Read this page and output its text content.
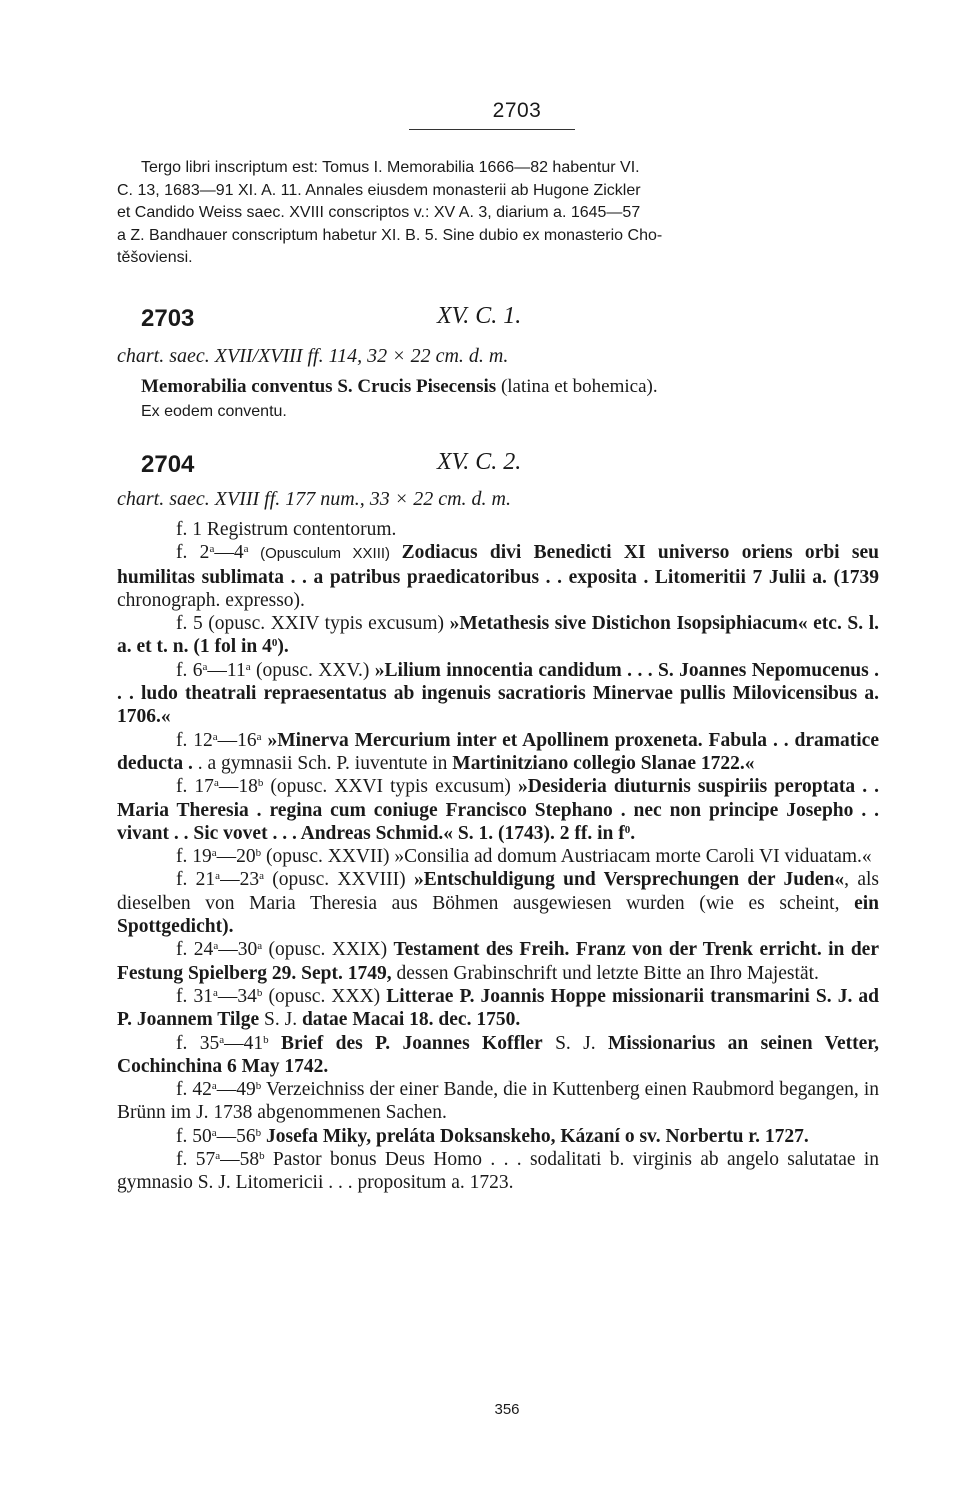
2703
Tergo libri inscriptum est: Tomus I. Memorabilia 1666—82 habentur VI.
C. 13, 1683—91 XI. A. 11. Annales eiusdem monasterii ab Hugone Zickler
et Candido Weiss saec. XVIII conscriptos v.: XV A. 3, diarium a. 1645—57
a Z. Bandhauer conscriptum habetur XI. B. 5. Sine dubio ex monasterio Cho-
těšoviensi.
2703	XV. C. 1.
chart. saec. XVII/XVIII ff. 114, 32 × 22 cm. d. m.
Memorabilia conventus S. Crucis Pisecensis (latina et bohemica).
Ex eodem conventu.
2704	XV. C. 2.
chart. saec. XVIII ff. 177 num., 33 × 22 cm. d. m.

f. 1 Registrum contentorum.

f. 2$^a$—4$^a$ (Opusculum XXIII) Zodiacus divi Benedicti XI universo oriens orbi seu humilitas sublimata . . a patribus praedicatoribus . . exposita . Litomeritii 7 Julii a. (1739 chronograph. expresso).

f. 5 (opusc. XXIV typis excusum) »Metathesis sive Distichon Isopsiphiacum« etc. S. l. a. et t. n. (1 fol in $4^0$).

f. 6$^a$—11$^a$ (opusc. XXV.) »Lilium innocentia candidum . . . S. Joannes Nepomucenus . . . ludo theatrali repraesentatus ab ingenuis sacratioris Minervae pullis Milovicensibus a. 1706.«

f. 12$^a$—16$^a$ »Minerva Mercurium inter et Apollinem proxeneta. Fabula . . dramatice deducta . . a gymnasii Sch. P. iuventute in Martinitziano collegio Slanae 1722.«

f. 17$^a$—18$^b$ (opusc. XXVI typis excusum) »Desideria diuturnis suspiriis peroptata . . Maria Theresia . regina cum coniuge Francisco Stephano . nec non principe Josepho . . vivant . . Sic vovet . . . Andreas Schmid.« S. 1. (1743). 2 ff. in $f^0$.

f. 19$^a$—20$^b$ (opusc. XXVII) »Consilia ad domum Austriacam morte Caroli VI viduatam.«

f. 21$^a$—23$^a$ (opusc. XXVIII) »Entschuldigung und Versprechungen der Juden«, als dieselben von Maria Theresia aus Böhmen ausgewiesen wurden (wie es scheint, ein Spottgedicht).

f. 24$^a$—30$^a$ (opusc. XXIX) Testament des Freih. Franz von der Trenk erricht. in der Festung Spielberg 29. Sept. 1749, dessen Grabinschrift und letzte Bitte an Ihro Majestät.

f. 31$^a$—34$^b$ (opusc. XXX) Litterae P. Joannis Hoppe missionarii transmarini S. J. ad P. Joannem Tilge S. J. datae Macai 18. dec. 1750.

f. 35$^a$—41$^b$ Brief des P. Joannes Koffler S. J. Missionarius an seinen Vetter, Cochinchina 6 May 1742.

f. 42$^a$—49$^b$ Verzeichniss der einer Bande, die in Kuttenberg einen Raubmord begangen, in Brünn im J. 1738 abgenommenen Sachen.

f. 50$^a$—56$^b$ Josefa Miky, preláta Doksanskeho, Kázaní o sv. Norbertu r. 1727.

f. 57$^a$—58$^b$ Pastor bonus Deus Homo . . . sodalitati b. virginis ab angelo salutatae in gymnasio S. J. Litomericii . . . propositum a. 1723.

356
